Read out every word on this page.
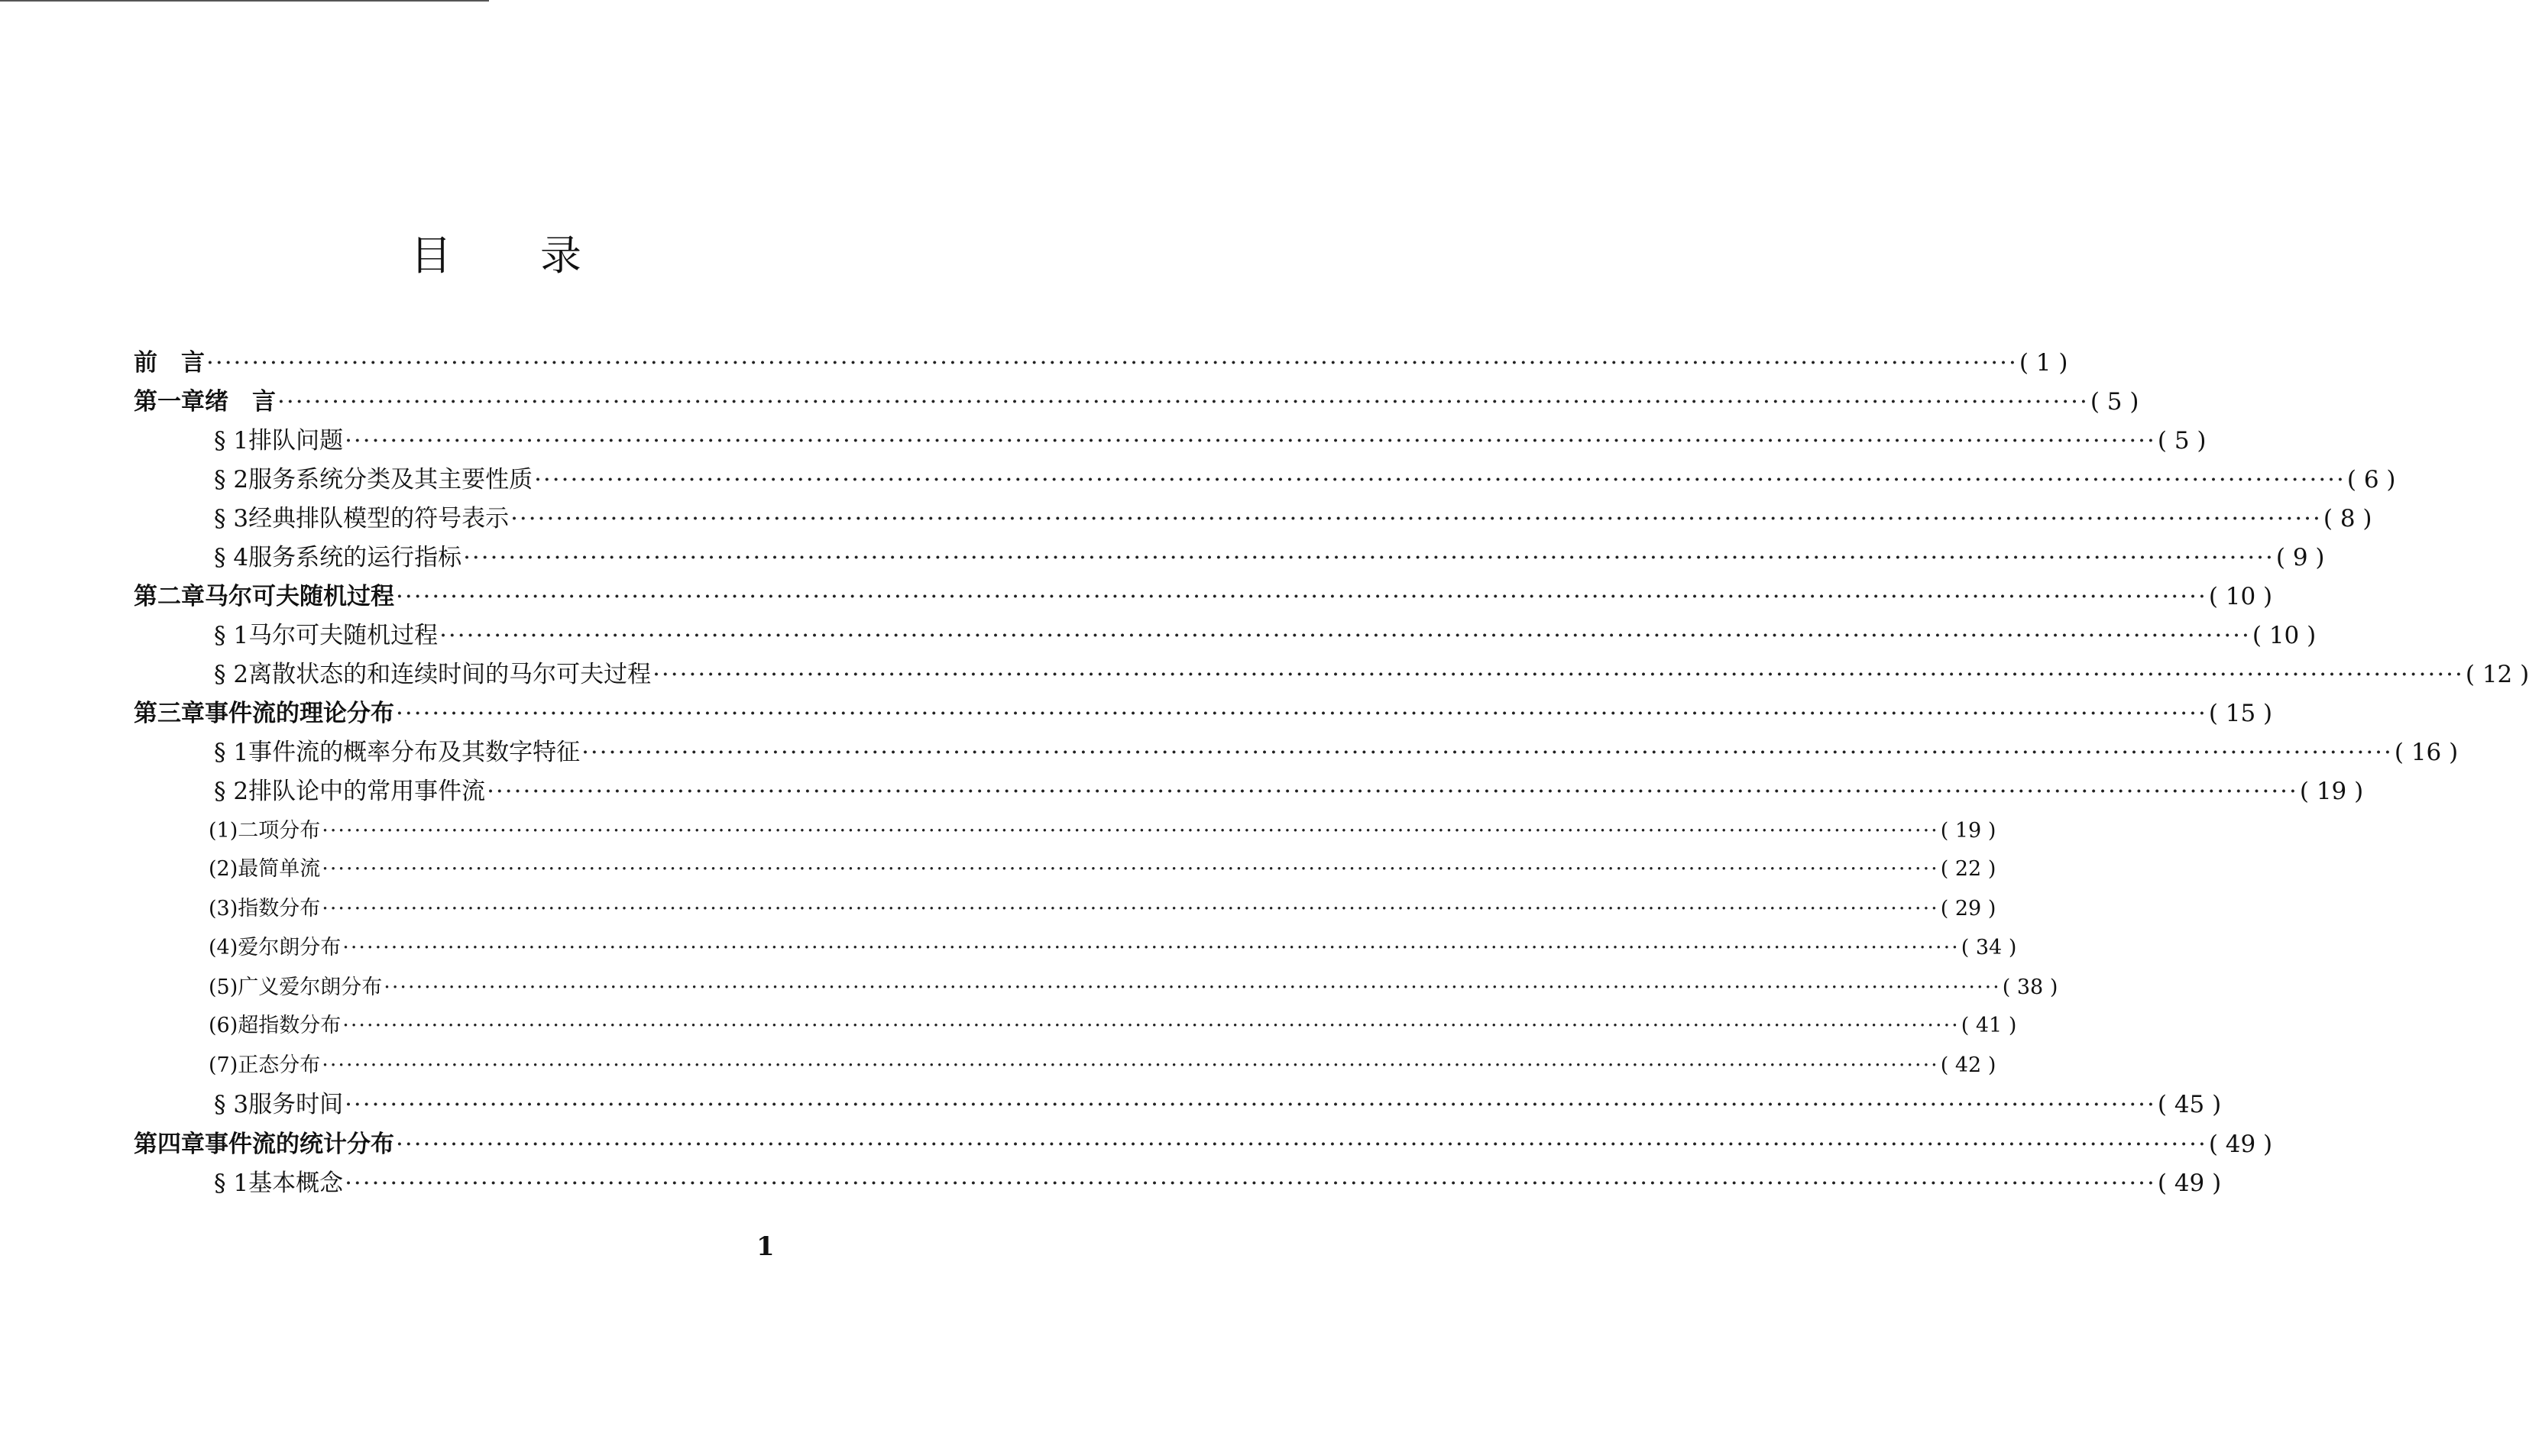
目 录
前　言 ········································································································································································································ ( 1 )
第一章 绪　言 ········································································································································································································ ( 5 )
§ 1 排队问题 ········································································································································································································ ( 5 )
§ 2 服务系统分类及其主要性质 ········································································································································································································ ( 6 )
§ 3 经典排队模型的符号表示 ········································································································································································································ ( 8 )
§ 4 服务系统的运行指标 ········································································································································································································ ( 9 )
第二章 马尔可夫随机过程 ········································································································································································································ ( 10 )
§ 1 马尔可夫随机过程 ········································································································································································································ ( 10 )
§ 2 离散状态的和连续时间的马尔可夫过程 ········································································································································································································ ( 12 )
第三章 事件流的理论分布 ········································································································································································································ ( 15 )
§ 1 事件流的概率分布及其数字特征 ········································································································································································································ ( 16 )
§ 2 排队论中的常用事件流 ········································································································································································································ ( 19 )
(1) 二项分布 ········································································································································································································ ( 19 )
(2) 最简单流 ········································································································································································································ ( 22 )
(3) 指数分布 ········································································································································································································ ( 29 )
(4) 爱尔朗分布 ········································································································································································································ ( 34 )
(5) 广义爱尔朗分布 ········································································································································································································ ( 38 )
(6) 超指数分布 ········································································································································································································ ( 41 )
(7) 正态分布 ········································································································································································································ ( 42 )
§ 3 服务时间 ········································································································································································································ ( 45 )
第四章 事件流的统计分布 ········································································································································································································ ( 49 )
§ 1 基本概念 ········································································································································································································ ( 49 )
1
